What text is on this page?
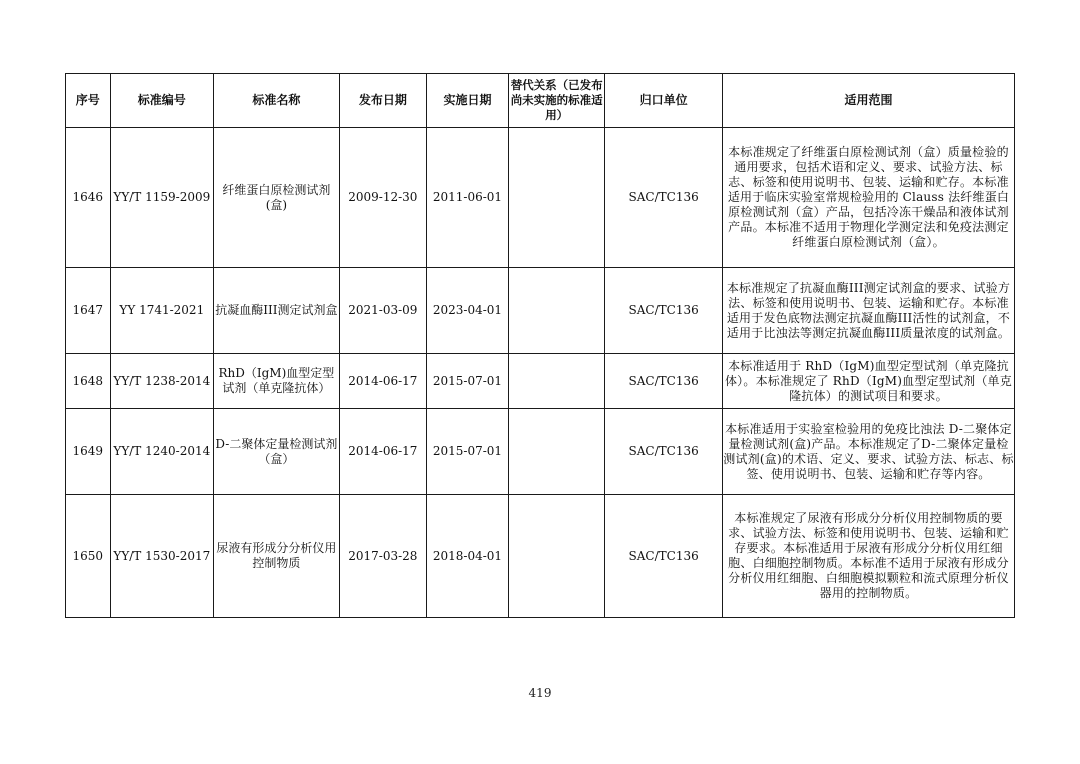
序号	标准编号	标准名称	发布日期	实施日期	替代关系（已发布尚未实施的标准适用）	归口单位	适用范围
1646	YY/T 1159-2009	纤维蛋白原检测试剂(盒)	2009-12-30	2011-06-01		SAC/TC136	本标准规定了纤维蛋白原检测试剂（盒）质量检验的通用要求，包括术语和定义、要求、试验方法、标志、标签和使用说明书、包装、运输和贮存。本标准适用于临床实验室常规检验用的 Clauss 法纤维蛋白原检测试剂（盒）产品，包括冷冻干燥品和液体试剂产品。本标准不适用于物理化学测定法和免疫法测定纤维蛋白原检测试剂（盒）。
1647	YY 1741-2021	抗凝血酶III测定试剂盒	2021-03-09	2023-04-01		SAC/TC136	本标准规定了抗凝血酶III测定试剂盒的要求、试验方法、标签和使用说明书、包装、运输和贮存。本标准适用于发色底物法测定抗凝血酶III活性的试剂盒，不适用于比浊法等测定抗凝血酶III质量浓度的试剂盒。
1648	YY/T 1238-2014	RhD（IgM)血型定型试剂（单克隆抗体）	2014-06-17	2015-07-01		SAC/TC136	本标准适用于 RhD（IgM)血型定型试剂（单克隆抗体）。本标准规定了 RhD（IgM)血型定型试剂（单克隆抗体）的测试项目和要求。
1649	YY/T 1240-2014	D-二聚体定量检测试剂（盒）	2014-06-17	2015-07-01		SAC/TC136	本标准适用于实验室检验用的免疫比浊法 D-二聚体定量检测试剂(盒)产品。本标准规定了D-二聚体定量检测试剂(盒)的术语、定义、要求、试验方法、标志、标签、使用说明书、包装、运输和贮存等内容。
1650	YY/T 1530-2017	尿液有形成分分析仪用控制物质	2017-03-28	2018-04-01		SAC/TC136	本标准规定了尿液有形成分分析仪用控制物质的要求、试验方法、标签和使用说明书、包装、运输和贮存要求。本标准适用于尿液有形成分分析仪用红细胞、白细胞控制物质。本标准不适用于尿液有形成分分析仪用红细胞、白细胞模拟颗粒和流式原理分析仪器用的控制物质。
419
